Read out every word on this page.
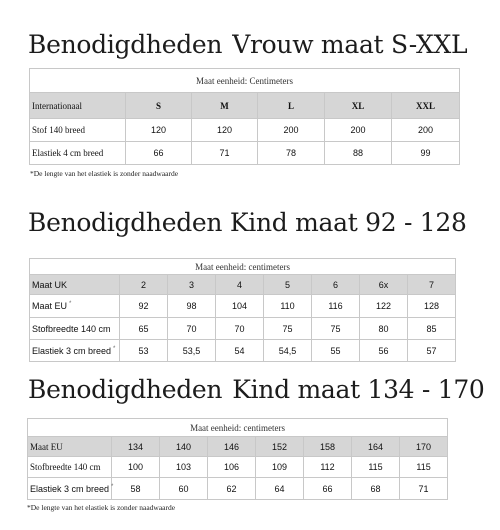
Benodigdheden Vrouw maat S-XXL
Maat eenheid: Centimeters					
Internationaal	S	M	L	XL	XXL
Stof 140 breed	120	120	200	200	200
Elastiek 4 cm breed	66	71	78	88	99
*De lengte van het elastiek is zonder naadwaarde
Benodigdheden Kind maat 92 - 128
Maat eenheid: centimeters							
Maat UK	2	3	4	5	6	6x	7
Maat EU *	92	98	104	110	116	122	128
Stofbreedte 140 cm	65	70	70	75	75	80	85
Elastiek 3 cm breed *	53	53,5	54	54,5	55	56	57
Benodigdheden Kind maat 134 - 170
Maat eenheid: centimeters							
Maat EU	134	140	146	152	158	164	170
Stofbreedte 140 cm	100	103	106	109	112	115	115
Elastiek 3 cm breed *	58	60	62	64	66	68	71
*De lengte van het elastiek is zonder naadwaarde
